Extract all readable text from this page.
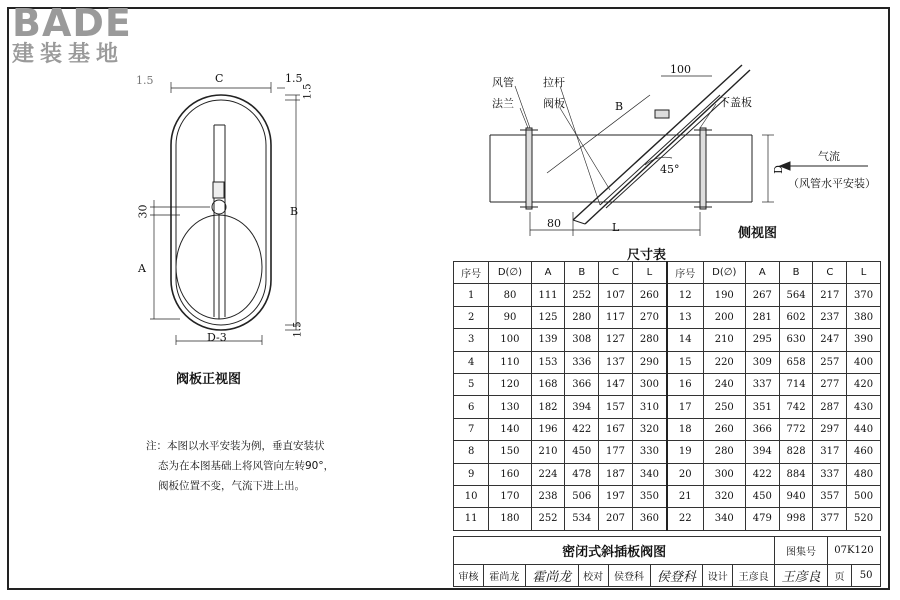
BADE
建装基地
C	1.5
1.5
1.5
B
30
A
1.5
D-3
阀板正视图
风管
法兰
拉杆
阀板	下盖板
100
B
45°	D
80	L
气流
（风管水平安装）
侧视图
注：本图以水平安装为例，垂直安装状
态为在本图基础上将风管向左转90°，
阀板位置不变，气流下进上出。
尺寸表
序号	D(∅)	A	B	C	L	序号	D(∅)	A	B	C	L
1	80	111	252	107	260	12	190	267	564	217	370
2	90	125	280	117	270	13	200	281	602	237	380
3	100	139	308	127	280	14	210	295	630	247	390
4	110	153	336	137	290	15	220	309	658	257	400
5	120	168	366	147	300	16	240	337	714	277	420
6	130	182	394	157	310	17	250	351	742	287	430
7	140	196	422	167	320	18	260	366	772	297	440
8	150	210	450	177	330	19	280	394	828	317	460
9	160	224	478	187	340	20	300	422	884	337	480
10	170	238	506	197	350	21	320	450	940	357	500
11	180	252	534	207	360	22	340	479	998	377	520
密闭式斜插板阀图								图集号	07K120	
审核	霍尚龙	霍尚龙	校对	侯登科	侯登科	设计	王彦良	王彦良	页	50
